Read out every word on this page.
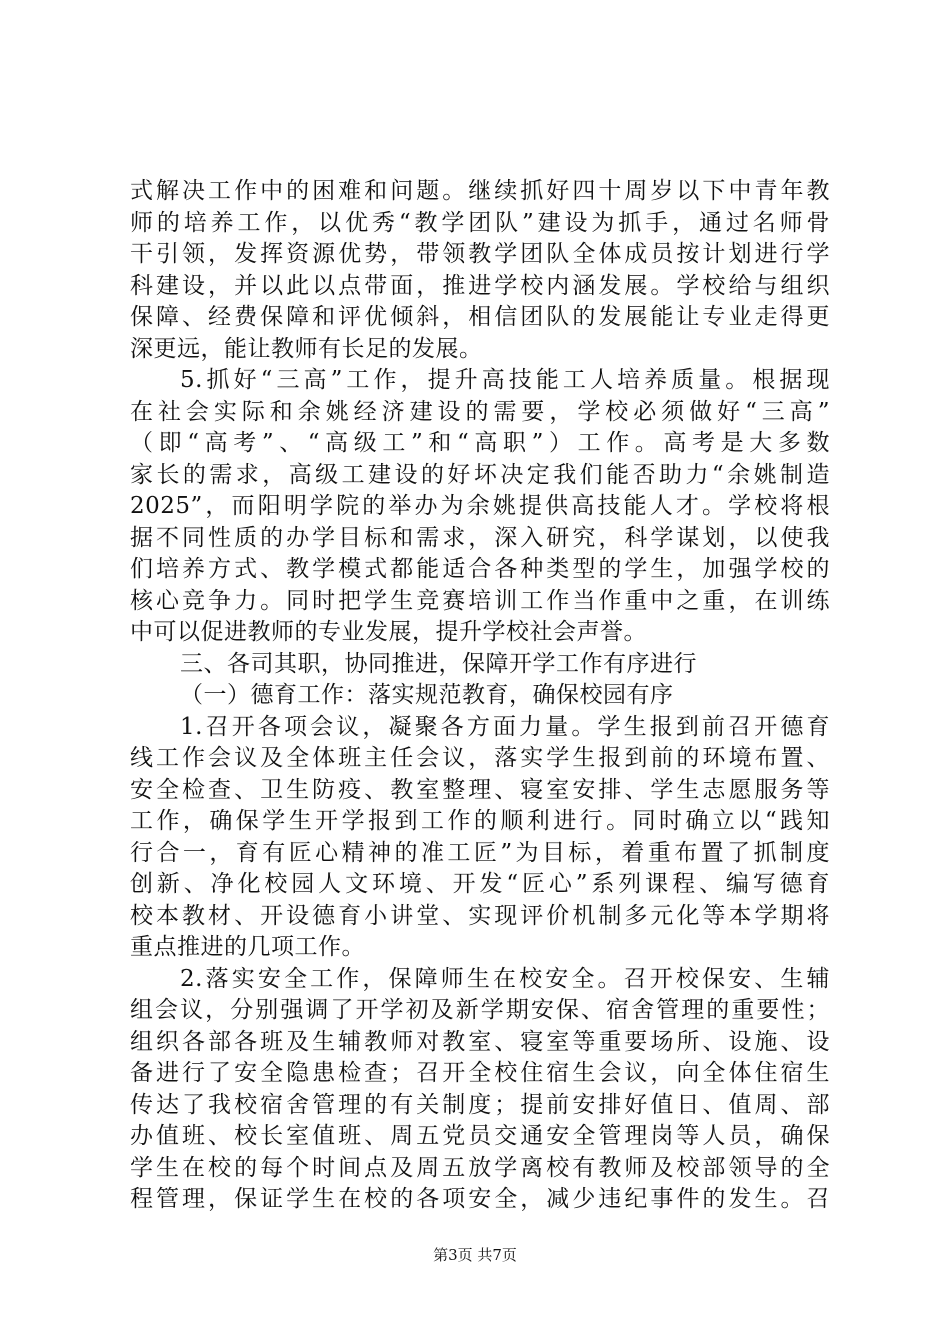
式解决工作中的困难和问题。继续抓好四十周岁以下中青年教
师的培养工作，以优秀“教学团队”建设为抓手，通过名师骨
干引领，发挥资源优势，带领教学团队全体成员按计划进行学
科建设，并以此以点带面，推进学校内涵发展。学校给与组织
保障、经费保障和评优倾斜，相信团队的发展能让专业走得更
深更远，能让教师有长足的发展。
5.抓好“三高”工作，提升高技能工人培养质量。根据现
在社会实际和余姚经济建设的需要，学校必须做好“三高”
（即“高考”、“高级工”和“高职”）工作。高考是大多数
家长的需求，高级工建设的好坏决定我们能否助力“余姚制造
2025”，而阳明学院的举办为余姚提供高技能人才。学校将根
据不同性质的办学目标和需求，深入研究，科学谋划，以使我
们培养方式、教学模式都能适合各种类型的学生，加强学校的
核心竞争力。同时把学生竞赛培训工作当作重中之重，在训练
中可以促进教师的专业发展，提升学校社会声誉。
三、各司其职，协同推进，保障开学工作有序进行
（一）德育工作：落实规范教育，确保校园有序
1.召开各项会议，凝聚各方面力量。学生报到前召开德育
线工作会议及全体班主任会议，落实学生报到前的环境布置、
安全检查、卫生防疫、教室整理、寝室安排、学生志愿服务等
工作，确保学生开学报到工作的顺利进行。同时确立以“践知
行合一，育有匠心精神的准工匠”为目标，着重布置了抓制度
创新、净化校园人文环境、开发“匠心”系列课程、编写德育
校本教材、开设德育小讲堂、实现评价机制多元化等本学期将
重点推进的几项工作。
2.落实安全工作，保障师生在校安全。召开校保安、生辅
组会议，分别强调了开学初及新学期安保、宿舍管理的重要性；
组织各部各班及生辅教师对教室、寝室等重要场所、设施、设
备进行了安全隐患检查；召开全校住宿生会议，向全体住宿生
传达了我校宿舍管理的有关制度；提前安排好值日、值周、部
办值班、校长室值班、周五党员交通安全管理岗等人员，确保
学生在校的每个时间点及周五放学离校有教师及校部领导的全
程管理，保证学生在校的各项安全，减少违纪事件的发生。召
第3页 共7页
